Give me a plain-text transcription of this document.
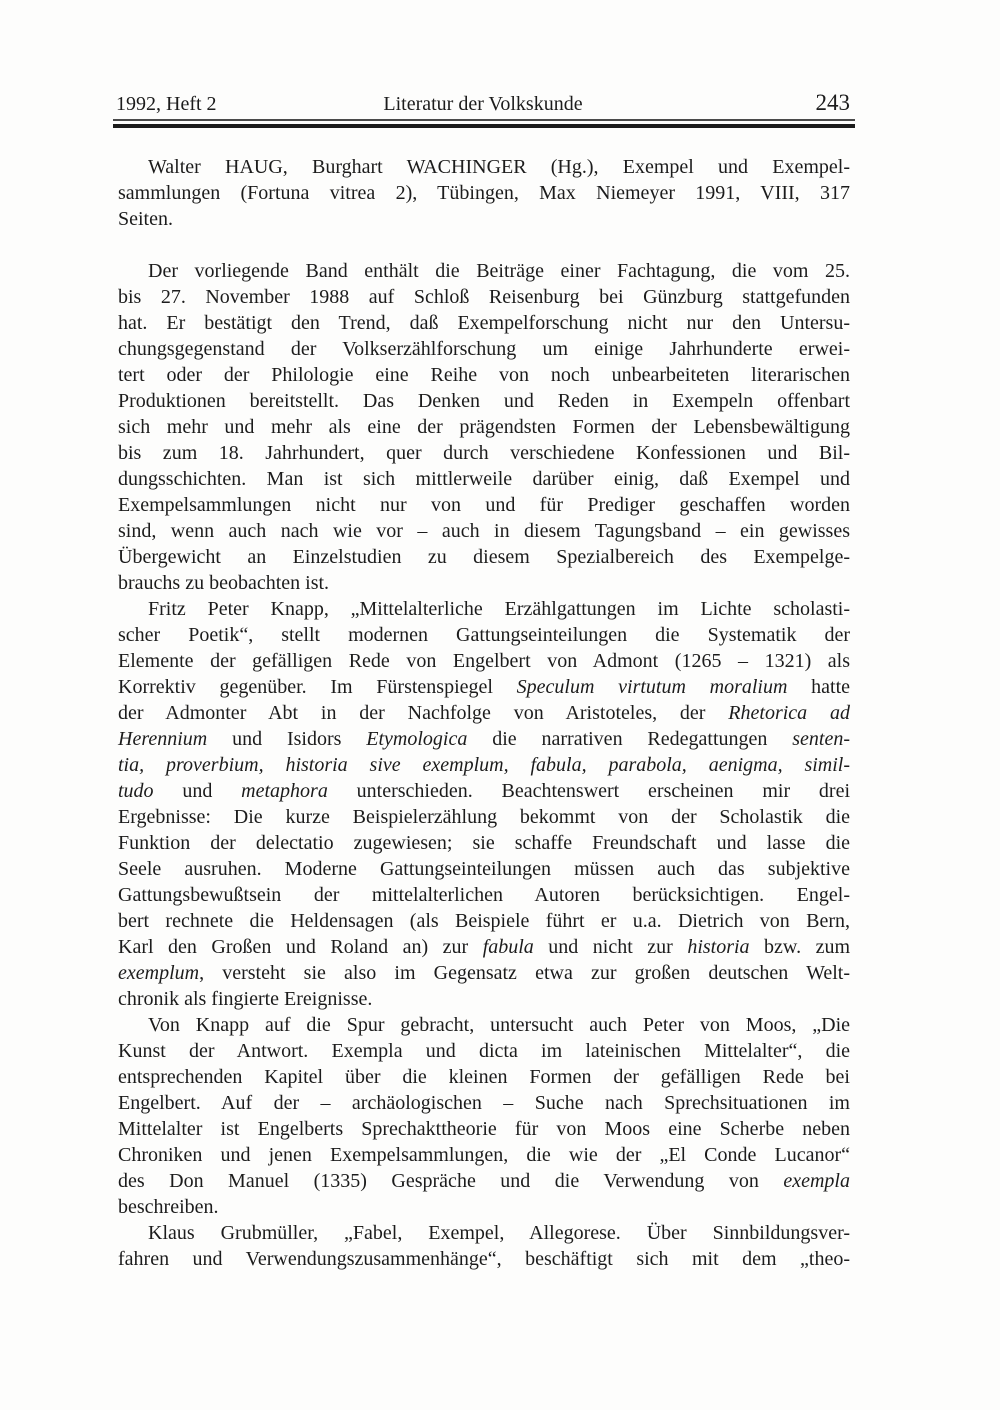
1992, Heft 2	Literatur der Volkskunde	243
Walter HAUG, Burghart WACHINGER (Hg.), Exempel und Exempel-
sammlungen (Fortuna vitrea 2), Tübingen, Max Niemeyer 1991, VIII, 317
Seiten.
Der vorliegende Band enthält die Beiträge einer Fachtagung, die vom 25.
bis 27. November 1988 auf Schloß Reisenburg bei Günzburg stattgefunden
hat. Er bestätigt den Trend, daß Exempelforschung nicht nur den Untersu-
chungsgegenstand der Volkserzählforschung um einige Jahrhunderte erwei-
tert oder der Philologie eine Reihe von noch unbearbeiteten literarischen
Produktionen bereitstellt. Das Denken und Reden in Exempeln offenbart
sich mehr und mehr als eine der prägendsten Formen der Lebensbewältigung
bis zum 18. Jahrhundert, quer durch verschiedene Konfessionen und Bil-
dungsschichten. Man ist sich mittlerweile darüber einig, daß Exempel und
Exempelsammlungen nicht nur von und für Prediger geschaffen worden
sind, wenn auch nach wie vor – auch in diesem Tagungsband – ein gewisses
Übergewicht an Einzelstudien zu diesem Spezialbereich des Exempelge-
brauchs zu beobachten ist.
Fritz Peter Knapp, „Mittelalterliche Erzählgattungen im Lichte scholasti-
scher Poetik“, stellt modernen Gattungseinteilungen die Systematik der
Elemente der gefälligen Rede von Engelbert von Admont (1265 – 1321) als
Korrektiv gegenüber. Im Fürstenspiegel Speculum virtutum moralium hatte
der Admonter Abt in der Nachfolge von Aristoteles, der Rhetorica ad
Herennium und Isidors Etymologica die narrativen Redegattungen senten-
tia, proverbium, historia sive exemplum, fabula, parabola, aenigma, simil-
tudo und metaphora unterschieden. Beachtenswert erscheinen mir drei
Ergebnisse: Die kurze Beispielerzählung bekommt von der Scholastik die
Funktion der delectatio zugewiesen; sie schaffe Freundschaft und lasse die
Seele ausruhen. Moderne Gattungseinteilungen müssen auch das subjektive
Gattungsbewußtsein der mittelalterlichen Autoren berücksichtigen. Engel-
bert rechnete die Heldensagen (als Beispiele führt er u.a. Dietrich von Bern,
Karl den Großen und Roland an) zur fabula und nicht zur historia bzw. zum
exemplum, versteht sie also im Gegensatz etwa zur großen deutschen Welt-
chronik als fingierte Ereignisse.
Von Knapp auf die Spur gebracht, untersucht auch Peter von Moos, „Die
Kunst der Antwort. Exempla und dicta im lateinischen Mittelalter“, die
entsprechenden Kapitel über die kleinen Formen der gefälligen Rede bei
Engelbert. Auf der – archäologischen – Suche nach Sprechsituationen im
Mittelalter ist Engelberts Sprechakttheorie für von Moos eine Scherbe neben
Chroniken und jenen Exempelsammlungen, die wie der „El Conde Lucanor“
des Don Manuel (1335) Gespräche und die Verwendung von exempla
beschreiben.
Klaus Grubmüller, „Fabel, Exempel, Allegorese. Über Sinnbildungsver-
fahren und Verwendungszusammenhänge“, beschäftigt sich mit dem „theo-
